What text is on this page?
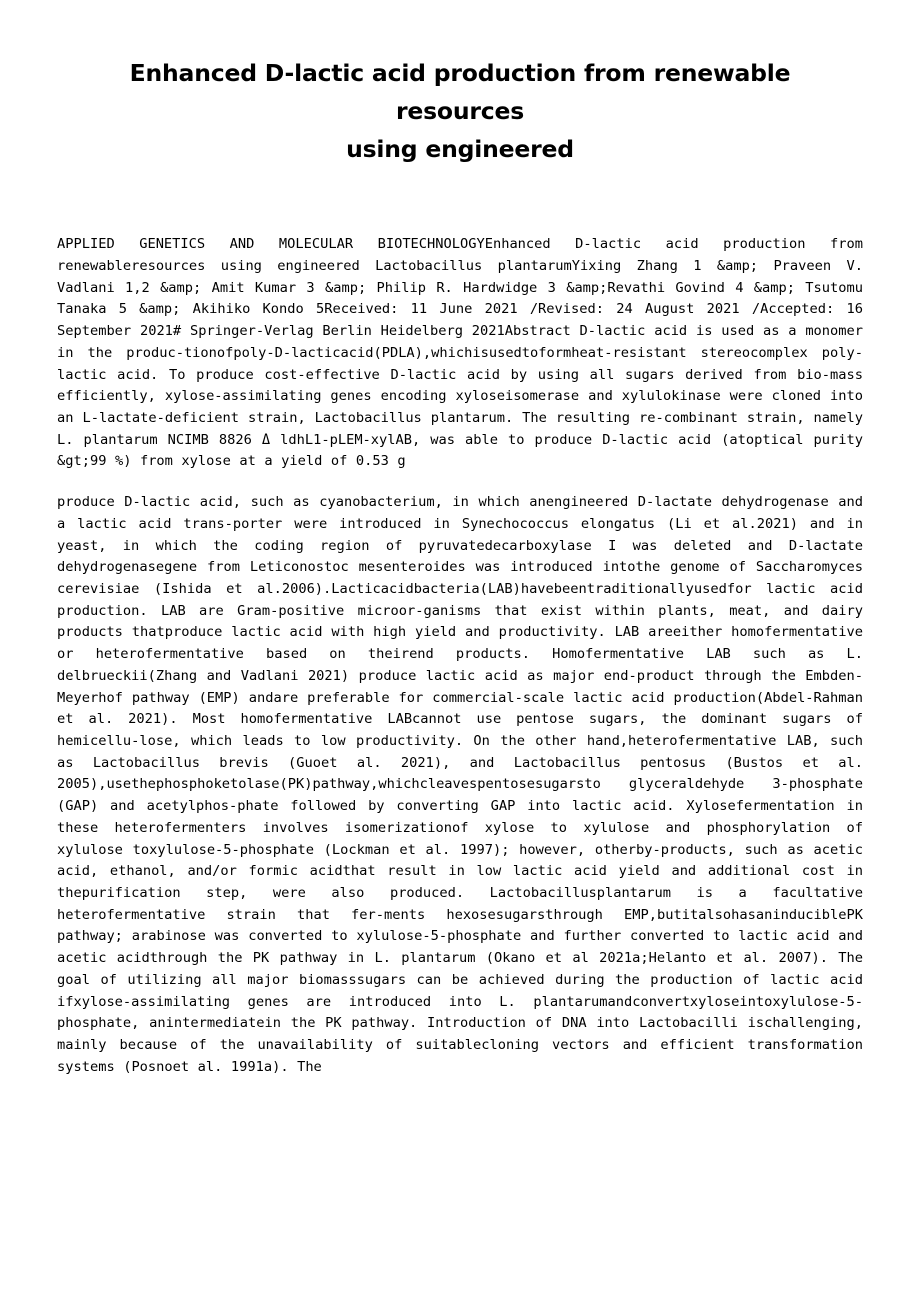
Enhanced D-lactic acid production from renewable resources
using engineered

APPLIED GENETICS AND MOLECULAR BIOTECHNOLOGYEnhanced D-lactic acid production from renewableresources using engineered Lactobacillus plantarumYixing Zhang 1 &amp; Praveen V. Vadlani 1,2 &amp; Amit Kumar 3 &amp; Philip R. Hardwidge 3 &amp;Revathi Govind 4 &amp; Tsutomu Tanaka 5 &amp; Akihiko Kondo 5Received: 11 June 2021 /Revised: 24 August 2021 /Accepted: 16 September 2021# Springer-Verlag Berlin Heidelberg 2021Abstract D-lactic acid is used as a monomer in the produc-tionofpoly-D-lacticacid(PDLA),whichisusedtoformheat-resistant stereocomplex poly-lactic acid. To produce cost-effective D-lactic acid by using all sugars derived from bio-mass efficiently, xylose-assimilating genes encoding xyloseisomerase and xylulokinase were cloned into an L-lactate-deficient strain, Lactobacillus plantarum. The resulting re-combinant strain, namely L. plantarum NCIMB 8826 Δ ldhL1-pLEM-xylAB, was able to produce D-lactic acid (atoptical purity &gt;99 %) from xylose at a yield of 0.53 g

produce D-lactic acid, such as cyanobacterium, in which anengineered D-lactate dehydrogenase and a lactic acid trans-porter were introduced in Synechococcus elongatus (Li et al.2021) and in yeast, in which the coding region of pyruvatedecarboxylase I was deleted and D-lactate dehydrogenasegene from Leticonostoc mesenteroides was introduced intothe genome of Saccharomyces cerevisiae (Ishida et al.2006).Lacticacidbacteria(LAB)havebeentraditionallyusedfor lactic acid production. LAB are Gram-positive microor-ganisms that exist within plants, meat, and dairy products thatproduce lactic acid with high yield and productivity. LAB areeither homofermentative or heterofermentative based on theirend products. Homofermentative LAB such as L. delbrueckii(Zhang and Vadlani 2021) produce lactic acid as major end-product through the Embden-Meyerhof pathway (EMP) andare preferable for commercial-scale lactic acid production(Abdel-Rahman et al. 2021). Most homofermentative LABcannot use pentose sugars, the dominant sugars of hemicellu-lose, which leads to low productivity. On the other hand,heterofermentative LAB, such as Lactobacillus brevis (Guoet al. 2021), and Lactobacillus pentosus (Bustos et al. 2005),usethephosphoketolase(PK)pathway,whichcleavespentosesugarsto glyceraldehyde 3-phosphate (GAP) and acetylphos-phate followed by converting GAP into lactic acid. Xylosefermentation in these heterofermenters involves isomerizationof xylose to xylulose and phosphorylation of xylulose toxylulose-5-phosphate (Lockman et al. 1997); however, otherby-products, such as acetic acid, ethanol, and/or formic acidthat result in low lactic acid yield and additional cost in thepurification step, were also produced. Lactobacillusplantarum is a facultative heterofermentative strain that fer-ments hexosesugarsthrough EMP,butitalsohasaninduciblePK pathway; arabinose was converted to xylulose-5-phosphate and further converted to lactic acid and acetic acidthrough the PK pathway in L. plantarum (Okano et al 2021a;Helanto et al. 2007). The goal of utilizing all major biomasssugars can be achieved during the production of lactic acid ifxylose-assimilating genes are introduced into L. plantarumandconvertxyloseintoxylulose-5-phosphate, anintermediatein the PK pathway. Introduction of DNA into Lactobacilli ischallenging, mainly because of the unavailability of suitablecloning vectors and efficient transformation systems (Posnoet al. 1991a). The
